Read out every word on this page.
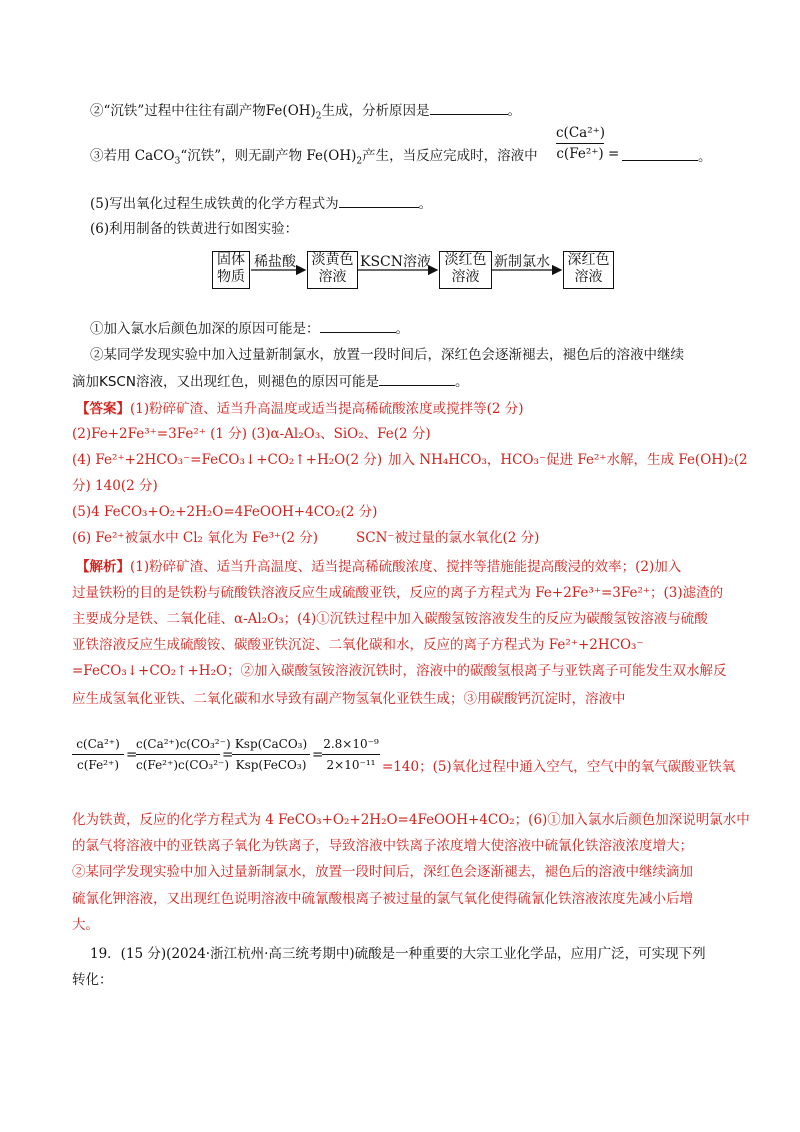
②“沉铁”过程中往往有副产物$Fe(OH)_2$生成，分析原因是	。
③若用 CaCO$_3$“沉铁”，则无副产物 $Fe(OH)_2$产生，当反应完成时，溶液中
c(Ca²⁺)
c(Fe²⁺) =	。
(5)写出氧化过程生成铁黄的化学方程式为	。
(6)利用制备的铁黄进行如图实验：
固体
物质
稀盐酸 淡黄色
溶液
KSCN溶液 淡红色
溶液
新制氯水 深红色
溶液
①加入氯水后颜色加深的原因可能是：	。
②某同学发现实验中加入过量新制氯水，放置一段时间后，深红色会逐渐褪去，褪色后的溶液中继续
滴加KSCN溶液，又出现红色，则褪色的原因可能是	。
【答案】(1)粉碎矿渣、适当升高温度或适当提高稀硫酸浓度或搅拌等(2 分)
(2)Fe+2Fe³⁺=3Fe²⁺ (1 分) (3)α-Al₂O₃、SiO₂、Fe(2 分)
(4) Fe²⁺+2HCO₃⁻=FeCO₃↓+CO₂↑+H₂O(2 分) 加入 NH₄HCO₃，HCO₃⁻促进 Fe²⁺水解，生成 Fe(OH)₂(2
分) 140(2 分)
(5)4 FeCO₃+O₂+2H₂O=4FeOOH+4CO₂(2 分)
(6) Fe²⁺被氯水中 Cl₂ 氧化为 Fe³⁺(2 分)	SCN⁻被过量的氯水氧化(2 分)
【解析】(1)粉碎矿渣、适当升高温度、适当提高稀硫酸浓度、搅拌等措施能提高酸浸的效率；(2)加入
过量铁粉的目的是铁粉与硫酸铁溶液反应生成硫酸亚铁，反应的离子方程式为 Fe+2Fe³⁺=3Fe²⁺；(3)滤渣的
主要成分是铁、二氧化硅、α-Al₂O₃；(4)①沉铁过程中加入碳酸氢铵溶液发生的反应为碳酸氢铵溶液与硫酸
亚铁溶液反应生成硫酸铵、碳酸亚铁沉淀、二氧化碳和水，反应的离子方程式为 Fe²⁺+2HCO₃⁻
=FeCO₃↓+CO₂↑+H₂O；②加入碳酸氢铵溶液沉铁时，溶液中的碳酸氢根离子与亚铁离子可能发生双水解反
应生成氢氧化亚铁、二氧化碳和水导致有副产物氢氧化亚铁生成；③用碳酸钙沉淀时，溶液中
c(Ca²⁺)
c(Fe²⁺)
=
c(Ca²⁺)c(CO₃²⁻)
c(Fe²⁺)c(CO₃²⁻)
=
Ksp(CaCO₃)
Ksp(FeCO₃)
=
2.8×10⁻⁹
2×10⁻¹¹ =140；(5)氧化过程中通入空气，空气中的氧气碳酸亚铁氧
化为铁黄，反应的化学方程式为 4 FeCO₃+O₂+2H₂O=4FeOOH+4CO₂；(6)①加入氯水后颜色加深说明氯水中
的氯气将溶液中的亚铁离子氧化为铁离子，导致溶液中铁离子浓度增大使溶液中硫氰化铁溶液浓度增大；
②某同学发现实验中加入过量新制氯水，放置一段时间后，深红色会逐渐褪去，褪色后的溶液中继续滴加
硫氰化钾溶液，又出现红色说明溶液中硫氰酸根离子被过量的氯气氧化使得硫氰化铁溶液浓度先减小后增
大。
19．(15 分)(2024·浙江杭州·高三统考期中)硫酸是一种重要的大宗工业化学品，应用广泛，可实现下列
转化：
